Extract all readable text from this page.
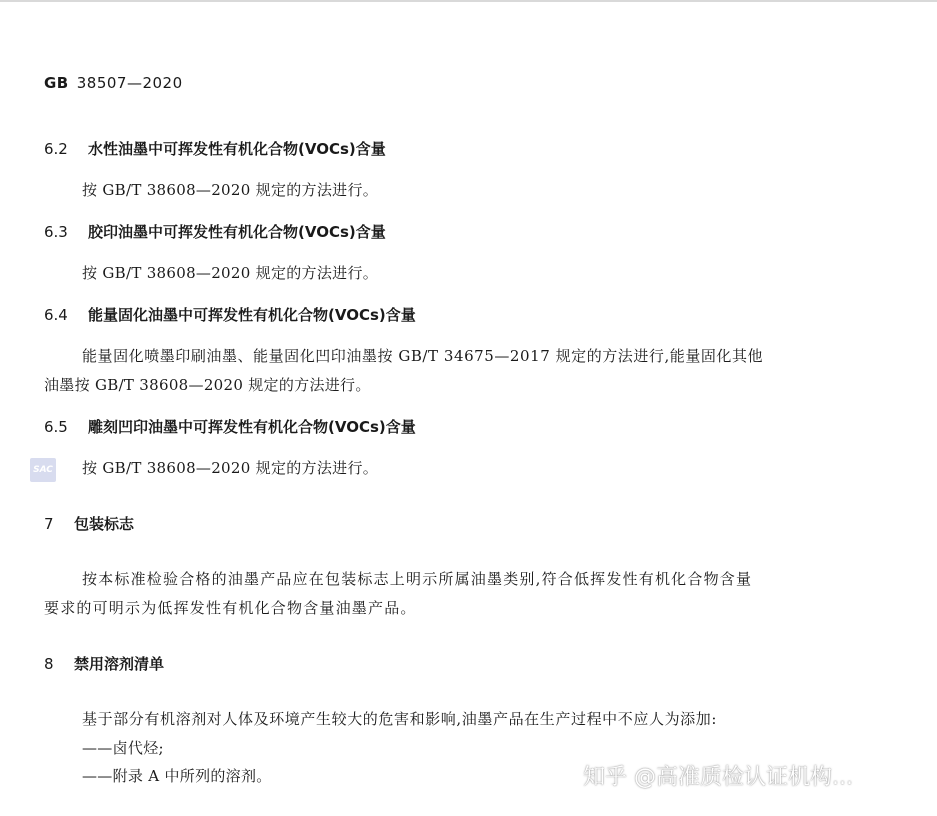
GB 38507—2020
6.2 水性油墨中可挥发性有机化合物(VOCs)含量
按 GB/T 38608—2020 规定的方法进行。
6.3 胶印油墨中可挥发性有机化合物(VOCs)含量
按 GB/T 38608—2020 规定的方法进行。
6.4 能量固化油墨中可挥发性有机化合物(VOCs)含量
能量固化喷墨印刷油墨、能量固化凹印油墨按 GB/T 34675—2017 规定的方法进行,能量固化其他
油墨按 GB/T 38608—2020 规定的方法进行。
6.5 雕刻凹印油墨中可挥发性有机化合物(VOCs)含量
SAC 按 GB/T 38608—2020 规定的方法进行。
7 包装标志
按本标准检验合格的油墨产品应在包装标志上明示所属油墨类别,符合低挥发性有机化合物含量
要求的可明示为低挥发性有机化合物含量油墨产品。
8 禁用溶剂清单
基于部分有机溶剂对人体及环境产生较大的危害和影响,油墨产品在生产过程中不应人为添加:
——卤代烃;
——附录 A 中所列的溶剂。	知乎 @高准质检认证机构...
